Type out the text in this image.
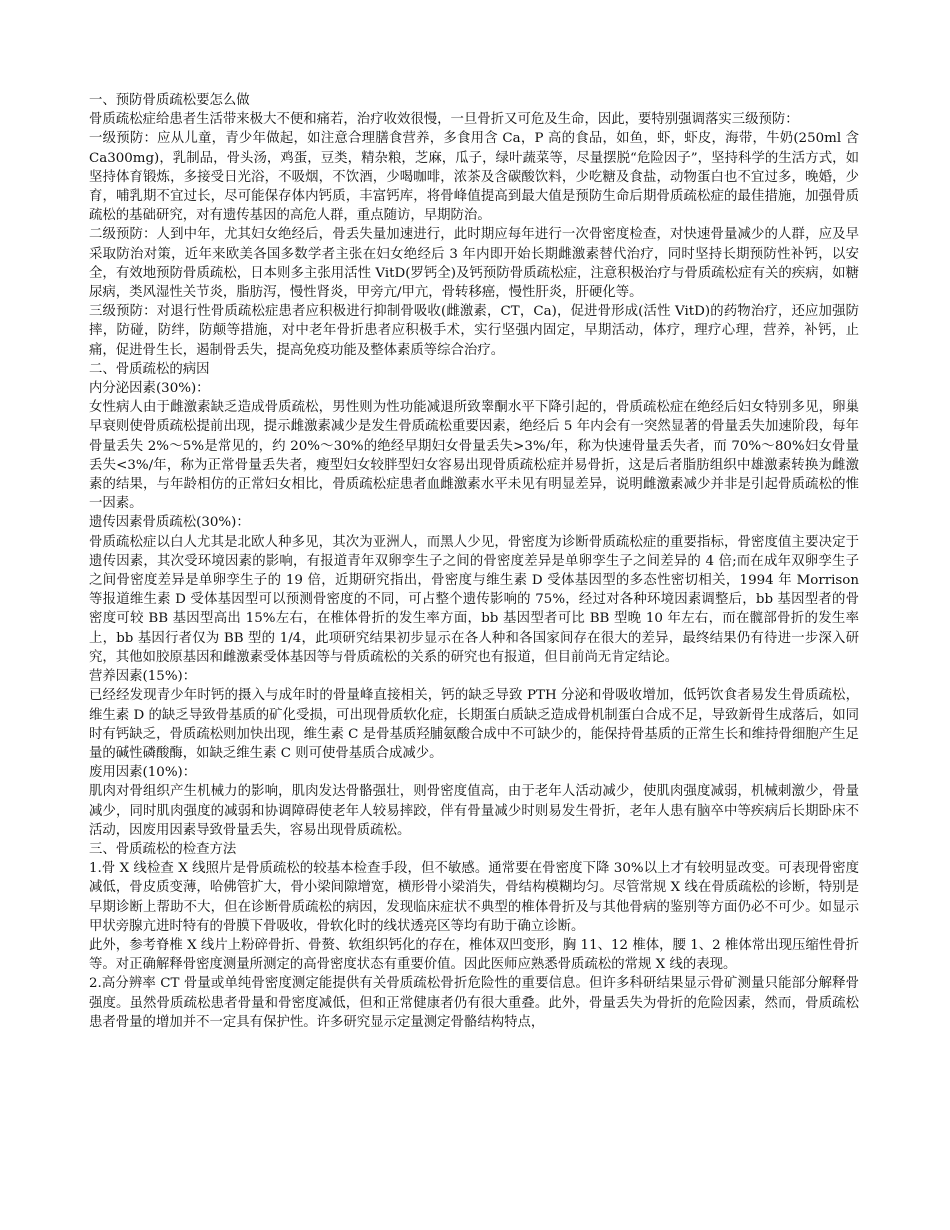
一、预防骨质疏松要怎么做

骨质疏松症给患者生活带来极大不便和痛若，治疗收效很慢，一旦骨折又可危及生命，因此，要特别强调落实三级预防：

一级预防：应从儿童，青少年做起，如注意合理膳食营养，多食用含 Ca，P 高的食品，如鱼，虾，虾皮，海带，牛奶(250ml 含 Ca300mg)，乳制品，骨头汤，鸡蛋，豆类，精杂粮，芝麻，瓜子，绿叶蔬菜等，尽量摆脱“危险因子”，坚持科学的生活方式，如坚持体育锻炼，多接受日光浴，不吸烟，不饮酒，少喝咖啡，浓茶及含碳酸饮料，少吃糖及食盐，动物蛋白也不宜过多，晚婚，少育，哺乳期不宜过长，尽可能保存体内钙质，丰富钙库，将骨峰值提高到最大值是预防生命后期骨质疏松症的最佳措施，加强骨质疏松的基础研究，对有遗传基因的高危人群，重点随访，早期防治。

二级预防：人到中年，尤其妇女绝经后，骨丢失量加速进行，此时期应每年进行一次骨密度检查，对快速骨量减少的人群，应及早采取防治对策，近年来欧美各国多数学者主张在妇女绝经后 3 年内即开始长期雌激素替代治疗，同时坚持长期预防性补钙，以安全，有效地预防骨质疏松，日本则多主张用活性 VitD(罗钙全)及钙预防骨质疏松症，注意积极治疗与骨质疏松症有关的疾病，如糖尿病，类风湿性关节炎，脂肪泻，慢性肾炎，甲旁亢/甲亢，骨转移癌，慢性肝炎，肝硬化等。

三级预防：对退行性骨质疏松症患者应积极进行抑制骨吸收(雌激素，CT，Ca)，促进骨形成(活性 VitD)的药物治疗，还应加强防摔，防碰，防绊，防颠等措施，对中老年骨折患者应积极手术，实行坚强内固定，早期活动，体疗，理疗心理，营养，补钙，止痛，促进骨生长，遏制骨丢失，提高免疫功能及整体素质等综合治疗。

二、骨质疏松的病因

内分泌因素(30%)：

女性病人由于雌激素缺乏造成骨质疏松，男性则为性功能减退所致睾酮水平下降引起的，骨质疏松症在绝经后妇女特别多见，卵巢早衰则使骨质疏松提前出现，提示雌激素减少是发生骨质疏松重要因素，绝经后 5 年内会有一突然显著的骨量丢失加速阶段，每年骨量丢失 2%～5%是常见的，约 20%～30%的绝经早期妇女骨量丢失>3%/年，称为快速骨量丢失者，而 70%～80%妇女骨量丢失<3%/年，称为正常骨量丢失者，瘦型妇女较胖型妇女容易出现骨质疏松症并易骨折，这是后者脂肪组织中雄激素转换为雌激素的结果，与年龄相仿的正常妇女相比，骨质疏松症患者血雌激素水平未见有明显差异，说明雌激素减少并非是引起骨质疏松的惟一因素。

遗传因素骨质疏松(30%)：

骨质疏松症以白人尤其是北欧人种多见，其次为亚洲人，而黑人少见，骨密度为诊断骨质疏松症的重要指标，骨密度值主要决定于遗传因素，其次受环境因素的影响，有报道青年双卵孪生子之间的骨密度差异是单卵孪生子之间差异的 4 倍;而在成年双卵孪生子之间骨密度差异是单卵孪生子的 19 倍，近期研究指出，骨密度与维生素 D 受体基因型的多态性密切相关，1994 年 Morrison 等报道维生素 D 受体基因型可以预测骨密度的不同，可占整个遗传影响的 75%，经过对各种环境因素调整后，bb 基因型者的骨密度可较 BB 基因型高出 15%左右，在椎体骨折的发生率方面，bb 基因型者可比 BB 型晚 10 年左右，而在髋部骨折的发生率上，bb 基因行者仅为 BB 型的 1/4，此项研究结果初步显示在各人种和各国家间存在很大的差异，最终结果仍有待进一步深入研究，其他如胶原基因和雌激素受体基因等与骨质疏松的关系的研究也有报道，但目前尚无肯定结论。

营养因素(15%)：

已经经发现青少年时钙的摄入与成年时的骨量峰直接相关，钙的缺乏导致 PTH 分泌和骨吸收增加，低钙饮食者易发生骨质疏松，维生素 D 的缺乏导致骨基质的矿化受损，可出现骨质软化症，长期蛋白质缺乏造成骨机制蛋白合成不足，导致新骨生成落后，如同时有钙缺乏，骨质疏松则加快出现，维生素 C 是骨基质羟脯氨酸合成中不可缺少的，能保持骨基质的正常生长和维持骨细胞产生足量的碱性磷酸酶，如缺乏维生素 C 则可使骨基质合成减少。

废用因素(10%)：

肌肉对骨组织产生机械力的影响，肌肉发达骨骼强壮，则骨密度值高，由于老年人活动减少，使肌肉强度减弱，机械刺激少，骨量减少，同时肌肉强度的减弱和协调障碍使老年人较易摔跤，伴有骨量减少时则易发生骨折，老年人患有脑卒中等疾病后长期卧床不活动，因废用因素导致骨量丢失，容易出现骨质疏松。

三、骨质疏松的检查方法

1.骨 X 线检查 X 线照片是骨质疏松的较基本检查手段，但不敏感。通常要在骨密度下降 30%以上才有较明显改变。可表现骨密度减低，骨皮质变薄，哈佛管扩大，骨小梁间隙增宽，横形骨小梁消失，骨结构模糊均匀。尽管常规 X 线在骨质疏松的诊断，特别是早期诊断上帮助不大，但在诊断骨质疏松的病因，发现临床症状不典型的椎体骨折及与其他骨病的鉴别等方面仍必不可少。如显示甲状旁腺亢进时特有的骨膜下骨吸收，骨软化时的线状透亮区等均有助于确立诊断。

此外，参考脊椎 X 线片上粉碎骨折、骨赘、软组织钙化的存在，椎体双凹变形，胸 11、12 椎体，腰 1、2 椎体常出现压缩性骨折等。对正确解释骨密度测量所测定的高骨密度状态有重要价值。因此医师应熟悉骨质疏松的常规 X 线的表现。

2.高分辨率 CT 骨量或单纯骨密度测定能提供有关骨质疏松骨折危险性的重要信息。但许多科研结果显示骨矿测量只能部分解释骨强度。虽然骨质疏松患者骨量和骨密度减低，但和正常健康者仍有很大重叠。此外，骨量丢失为骨折的危险因素，然而，骨质疏松患者骨量的增加并不一定具有保护性。许多研究显示定量测定骨骼结构特点，
